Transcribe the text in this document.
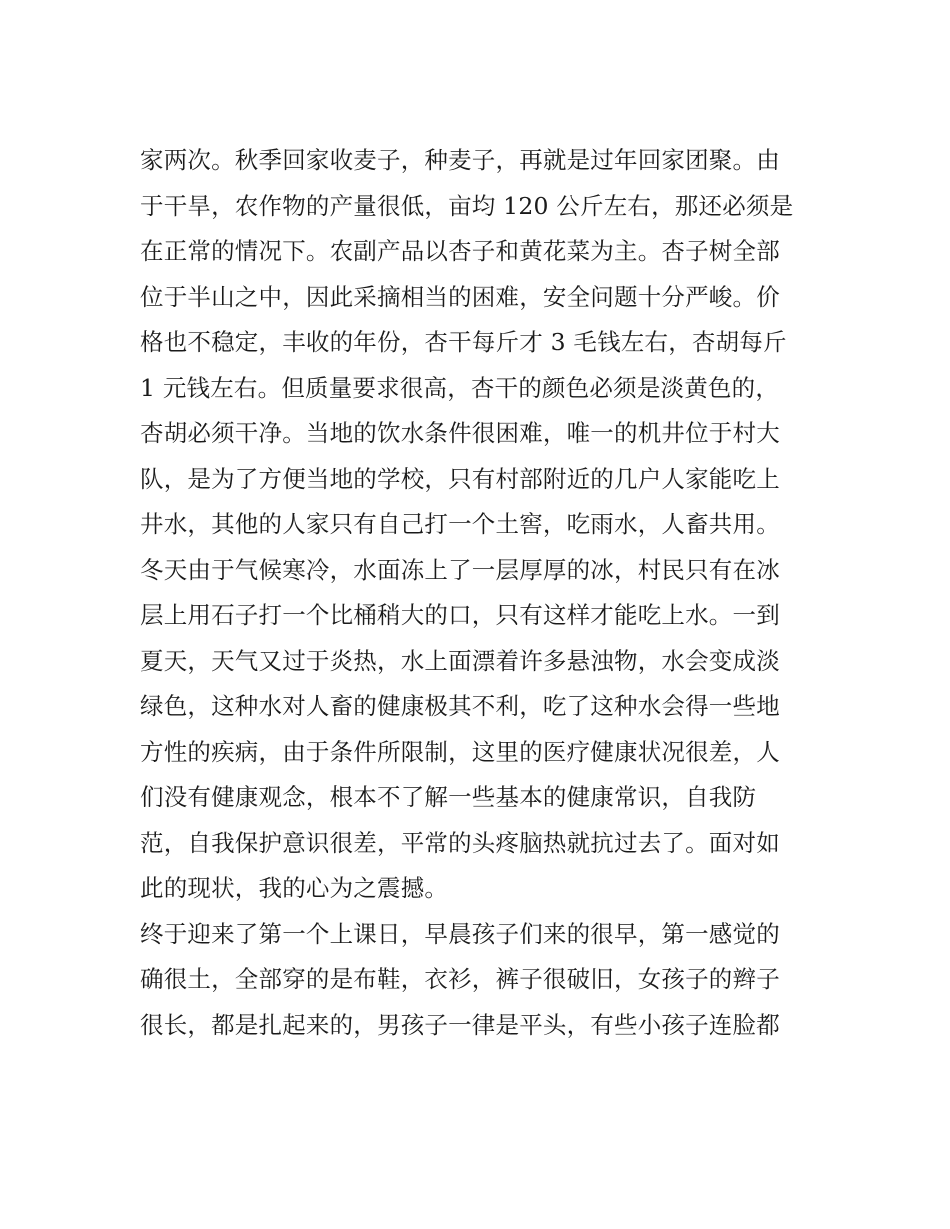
家两次。秋季回家收麦子，种麦子，再就是过年回家团聚。由
于干旱，农作物的产量很低，亩均 120 公斤左右，那还必须是
在正常的情况下。农副产品以杏子和黄花菜为主。杏子树全部
位于半山之中，因此采摘相当的困难，安全问题十分严峻。价
格也不稳定，丰收的年份，杏干每斤才 3 毛钱左右，杏胡每斤
1 元钱左右。但质量要求很高，杏干的颜色必须是淡黄色的，
杏胡必须干净。当地的饮水条件很困难，唯一的机井位于村大
队，是为了方便当地的学校，只有村部附近的几户人家能吃上
井水，其他的人家只有自己打一个土窖，吃雨水，人畜共用。
冬天由于气候寒冷，水面冻上了一层厚厚的冰，村民只有在冰
层上用石子打一个比桶稍大的口，只有这样才能吃上水。一到
夏天，天气又过于炎热，水上面漂着许多悬浊物，水会变成淡
绿色，这种水对人畜的健康极其不利，吃了这种水会得一些地
方性的疾病，由于条件所限制，这里的医疗健康状况很差，人
们没有健康观念，根本不了解一些基本的健康常识，自我防
范，自我保护意识很差，平常的头疼脑热就抗过去了。面对如
此的现状，我的心为之震撼。
终于迎来了第一个上课日，早晨孩子们来的很早，第一感觉的
确很土，全部穿的是布鞋，衣衫，裤子很破旧，女孩子的辫子
很长，都是扎起来的，男孩子一律是平头，有些小孩子连脸都
